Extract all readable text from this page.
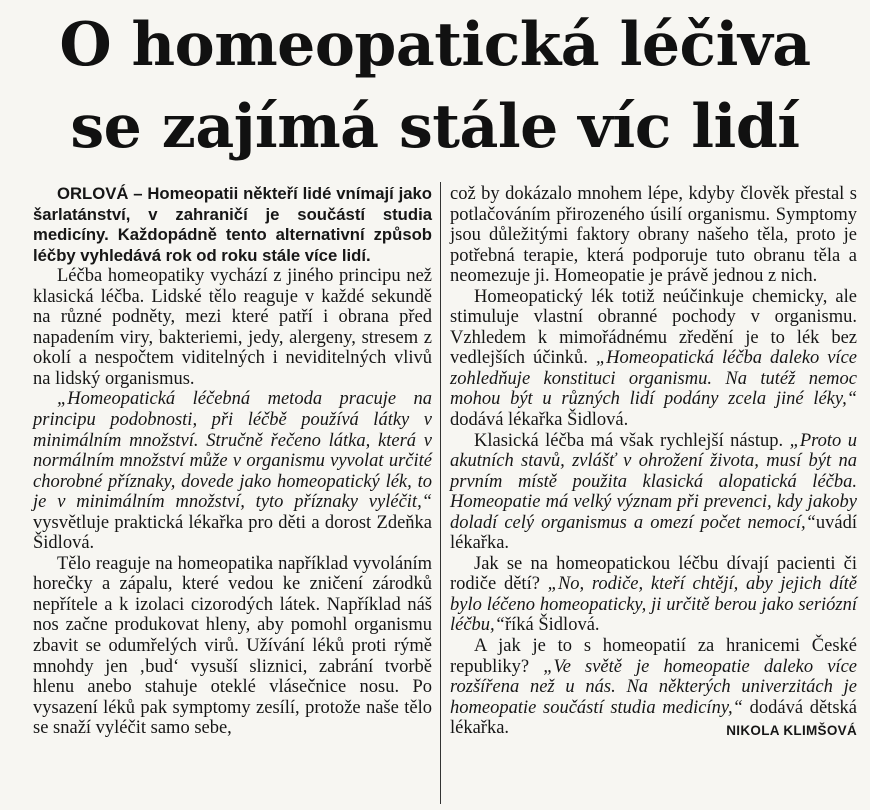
O homeopatická léčiva
se zajímá stále víc lidí

ORLOVÁ – Homeopatii někteří lidé vnímají jako šarlatánství, v zahraničí je součástí studia medicíny. Každopádně tento alternativní způsob léčby vyhledává rok od roku stále více lidí.

Léčba homeopatiky vychází z jiného principu než klasická léčba. Lidské tělo reaguje v každé sekundě na různé podněty, mezi které patří i obrana před napadením viry, bakteriemi, jedy, alergeny, stresem z okolí a nespočtem viditelných i neviditelných vlivů na lidský organismus.

„Homeopatická léčebná metoda pracuje na principu podobnosti, při léčbě používá látky v minimálním množství. Stručně řečeno látka, která v normálním množství může v organismu vyvolat určité chorobné příznaky, dovede jako homeopatický lék, to je v minimálním množství, tyto příznaky vyléčit,“ vysvětluje praktická lékařka pro děti a dorost Zdeňka Šidlová.

Tělo reaguje na homeopatika například vyvoláním horečky a zápalu, které vedou ke zničení zárodků nepřítele a k izolaci cizorodých látek. Například náš nos začne produkovat hleny, aby pomohl organismu zbavit se odumřelých virů. Užívání léků proti rýmě mnohdy jen ‚bud‘ vysuší sliznici, zabrání tvorbě hlenu anebo stahuje oteklé vlásečnice nosu. Po vysazení léků pak symptomy zesílí, protože naše tělo se snaží vyléčit samo sebe,

což by dokázalo mnohem lépe, kdyby člověk přestal s potlačováním přirozeného úsilí organismu. Symptomy jsou důležitými faktory obrany našeho těla, proto je potřebná terapie, která podporuje tuto obranu těla a neomezuje ji. Homeopatie je právě jednou z nich.

Homeopatický lék totiž neúčinkuje chemicky, ale stimuluje vlastní obranné pochody v organismu. Vzhledem k mimořádnému zředění je to lék bez vedlejších účinků. „Homeopatická léčba daleko více zohledňuje konstituci organismu. Na tutéž nemoc mohou být u různých lidí podány zcela jiné léky,“ dodává lékařka Šidlová.

Klasická léčba má však rychlejší nástup. „Proto u akutních stavů, zvlášť v ohrožení života, musí být na prvním místě použita klasická alopatická léčba. Homeopatie má velký význam při prevenci, kdy jakoby doladí celý organismus a omezí počet nemocí,“uvádí lékařka.

Jak se na homeopatickou léčbu dívají pacienti či rodiče dětí? „No, rodiče, kteří chtějí, aby jejich dítě bylo léčeno homeopaticky, ji určitě berou jako seriózní léčbu,“říká Šidlová.

A jak je to s homeopatií za hranicemi České republiky? „Ve světě je homeopatie daleko více rozšířena než u nás. Na některých univerzitách je homeopatie součástí studia medicíny,“ dodává dětská lékařka.	NIKOLA KLIMŠOVÁ
